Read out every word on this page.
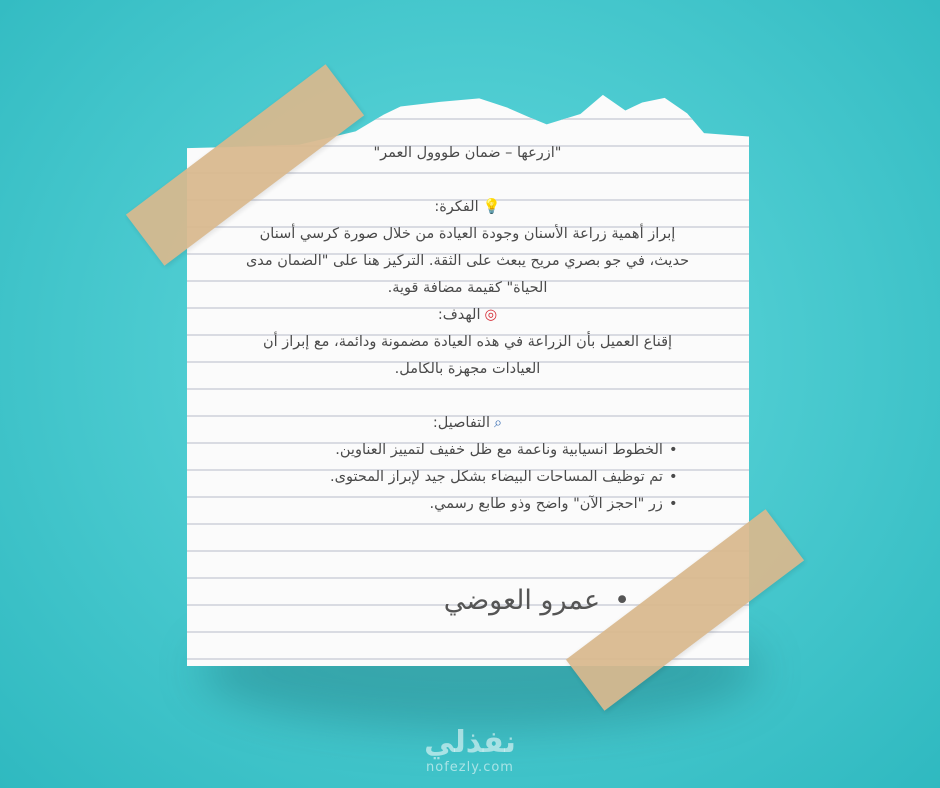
"ازرعها – ضمان طووول العمر"
💡الفكرة:
إبراز أهمية زراعة الأسنان وجودة العيادة من خلال صورة كرسي أسنان
حديث، في جو بصري مريح يبعث على الثقة. التركيز هنا على "الضمان مدى
الحياة" كقيمة مضافة قوية.
◎الهدف:
إقناع العميل بأن الزراعة في هذه العيادة مضمونة ودائمة، مع إبراز أن
العيادات مجهزة بالكامل.
⌕التفاصيل:
•الخطوط انسيابية وناعمة مع ظل خفيف لتمييز العناوين.
•تم توظيف المساحات البيضاء بشكل جيد لإبراز المحتوى.
•زر "احجز الآن" واضح وذو طابع رسمي.
•عمرو العوضي
نفذلي
nofezly.com
